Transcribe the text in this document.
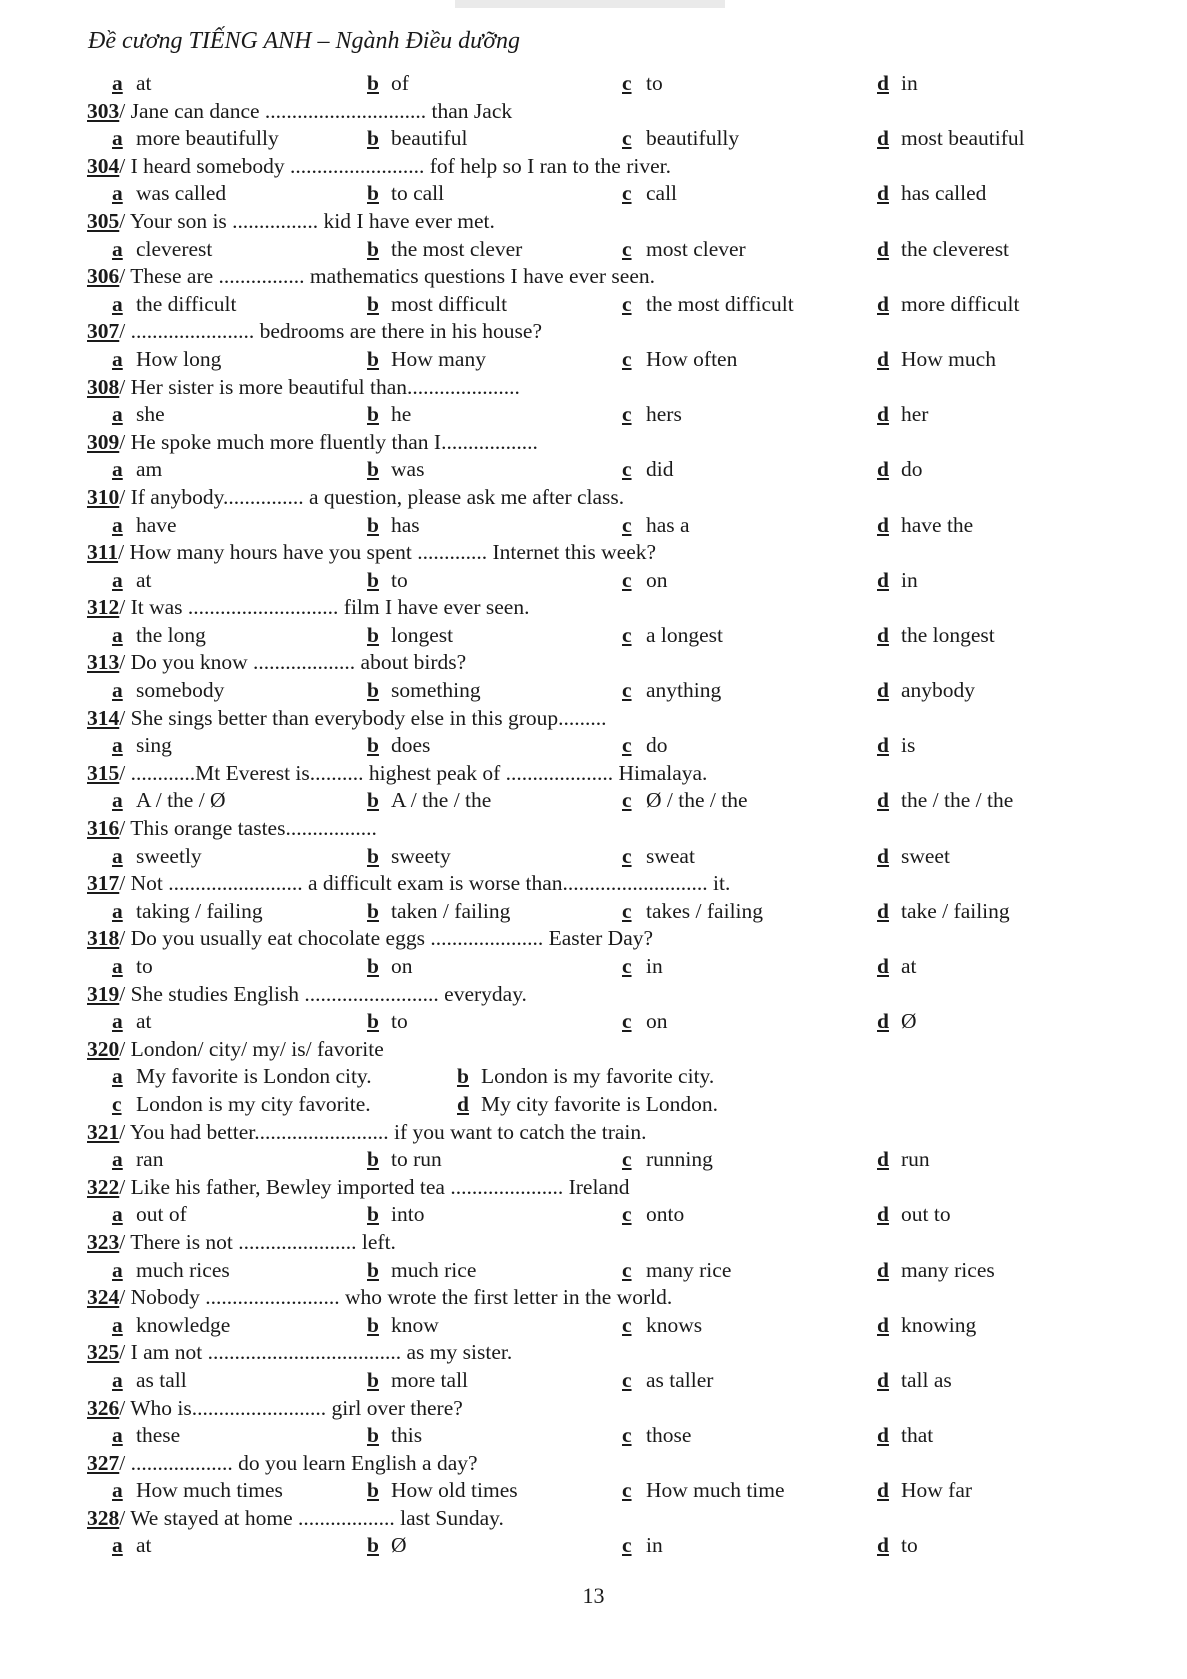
Đề cương TIẾNG ANH – Ngành Điều dưỡng
a at	b of	c to	d in
303/ Jane can dance .............................. than Jack
a more beautifully	b beautiful	c beautifully	d most beautiful
304/ I heard somebody ......................... fof help so I ran to the river.
a was called	b to call	c call	d has called
305/ Your son is ................ kid I have ever met.
a cleverest	b the most clever	c most clever	d the cleverest
306/ These are ................ mathematics questions I have ever seen.
a the difficult	b most difficult	c the most difficult	d more difficult
307/ ....................... bedrooms are there in his house?
a How long	b How many	c How often	d How much
308/ Her sister is more beautiful than.....................
a she	b he	c hers	d her
309/ He spoke much more fluently than I..................
a am	b was	c did	d do
310/ If anybody............... a question, please ask me after class.
a have	b has	c has a	d have the
311/ How many hours have you spent ............. Internet this week?
a at	b to	c on	d in
312/ It was ............................ film I have ever seen.
a the long	b longest	c a longest	d the longest
313/ Do you know ................... about birds?
a somebody	b something	c anything	d anybody
314/ She sings better than everybody else in this group.........
a sing	b does	c do	d is
315/ ............Mt Everest is.......... highest peak of .................... Himalaya.
a A / the / Ø	b A / the / the	c Ø / the / the	d the / the / the
316/ This orange tastes.................
a sweetly	b sweety	c sweat	d sweet
317/ Not ......................... a difficult exam is worse than........................... it.
a taking / failing	b taken / failing	c takes / failing	d take / failing
318/ Do you usually eat chocolate eggs ..................... Easter Day?
a to	b on	c in	d at
319/ She studies English ......................... everyday.
a at	b to	c on	d Ø
320/ London/ city/ my/ is/ favorite
a My favorite is London city.	b London is my favorite city.
c London is my city favorite.	d My city favorite is London.
321/ You had better......................... if you want to catch the train.
a ran	b to run	c running	d run
322/ Like his father, Bewley imported tea ..................... Ireland
a out of	b into	c onto	d out to
323/ There is not ...................... left.
a much rices	b much rice	c many rice	d many rices
324/ Nobody ......................... who wrote the first letter in the world.
a knowledge	b know	c knows	d knowing
325/ I am not .................................... as my sister.
a as tall	b more tall	c as taller	d tall as
326/ Who is......................... girl over there?
a these	b this	c those	d that
327/ ................... do you learn English a day?
a How much times	b How old times	c How much time	d How far
328/ We stayed at home .................. last Sunday.
a at	b Ø	c in	d to
13
